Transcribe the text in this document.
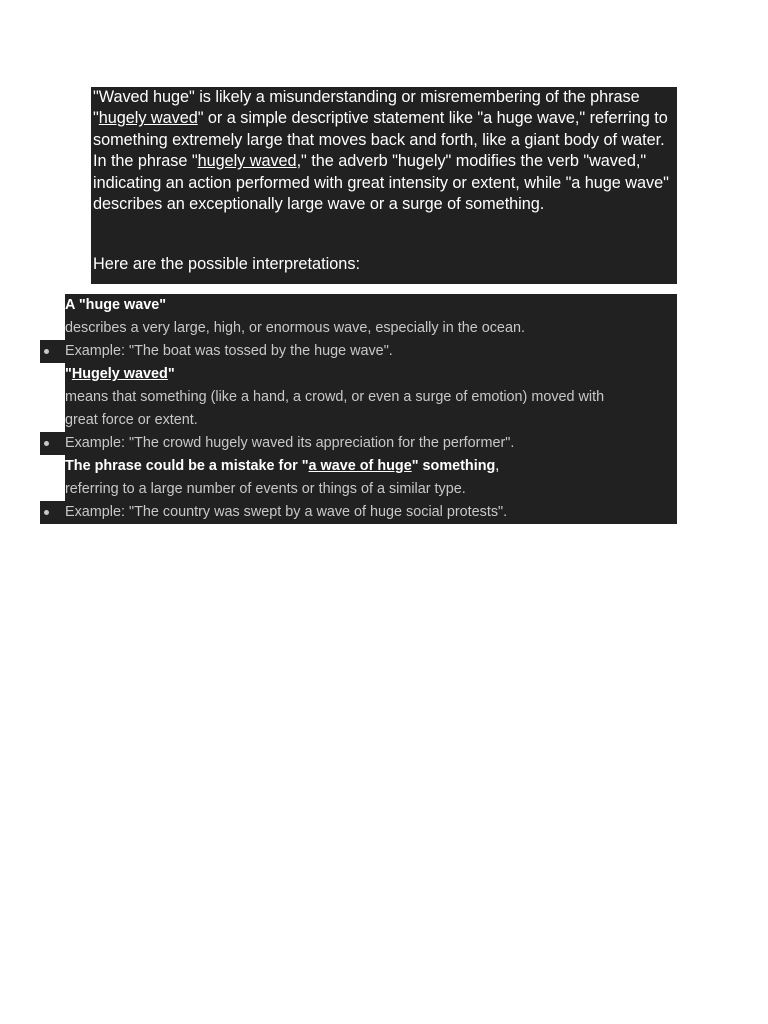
"Waved huge" is likely a misunderstanding or misremembering of the phrase "hugely waved" or a simple descriptive statement like "a huge wave," referring to something extremely large that moves back and forth, like a giant body of water. In the phrase "hugely waved," the adverb "hugely" modifies the verb "waved," indicating an action performed with great intensity or extent, while "a huge wave" describes an exceptionally large wave or a surge of something.

Here are the possible interpretations:

A "huge wave"
describes a very large, high, or enormous wave, especially in the ocean.
Example: "The boat was tossed by the huge wave".
"Hugely waved"
means that something (like a hand, a crowd, or even a surge of emotion) moved with
great force or extent.
Example: "The crowd hugely waved its appreciation for the performer".
The phrase could be a mistake for "a wave of huge" something,
referring to a large number of events or things of a similar type.
Example: "The country was swept by a wave of huge social protests".
